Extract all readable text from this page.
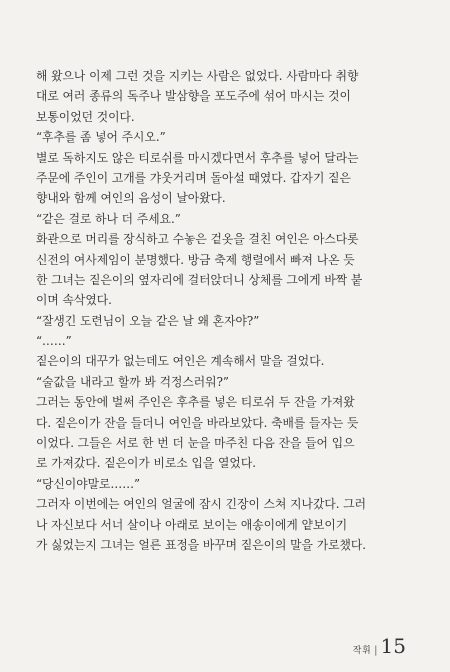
해 왔으나 이제 그런 것을 지키는 사람은 없었다. 사람마다 취향
대로 여러 종류의 독주나 발삼향을 포도주에 섞어 마시는 것이
보통이었던 것이다.
“후추를 좀 넣어 주시오.”
별로 독하지도 않은 티로쉬를 마시겠다면서 후추를 넣어 달라는
주문에 주인이 고개를 갸웃거리며 돌아설 때였다. 갑자기 짙은
향내와 함께 여인의 음성이 날아왔다.
“같은 걸로 하나 더 주세요.”
화관으로 머리를 장식하고 수놓은 겉옷을 걸친 여인은 아스다롯
신전의 여사제임이 분명했다. 방금 축제 행렬에서 빠져 나온 듯
한 그녀는 짙은이의 옆자리에 걸터앉더니 상체를 그에게 바짝 붙
이며 속삭였다.
“잘생긴 도련님이 오늘 같은 날 왜 혼자야?”
“……”
짙은이의 대꾸가 없는데도 여인은 계속해서 말을 걸었다.
“술값을 내라고 할까 봐 걱정스러워?”
그러는 동안에 벌써 주인은 후추를 넣은 티로쉬 두 잔을 가져왔
다. 짙은이가 잔을 들더니 여인을 바라보았다. 축배를 들자는 듯
이었다. 그들은 서로 한 번 더 눈을 마주친 다음 잔을 들어 입으
로 가져갔다. 짙은이가 비로소 입을 열었다.
“당신이야말로……”
그러자 이번에는 여인의 얼굴에 잠시 긴장이 스쳐 지나갔다. 그러
나 자신보다 서너 살이나 아래로 보이는 애송이에게 얕보이기
가 싫었는지 그녀는 얼른 표정을 바꾸며 짙은이의 말을 가로챘다.
작휘 | 15
